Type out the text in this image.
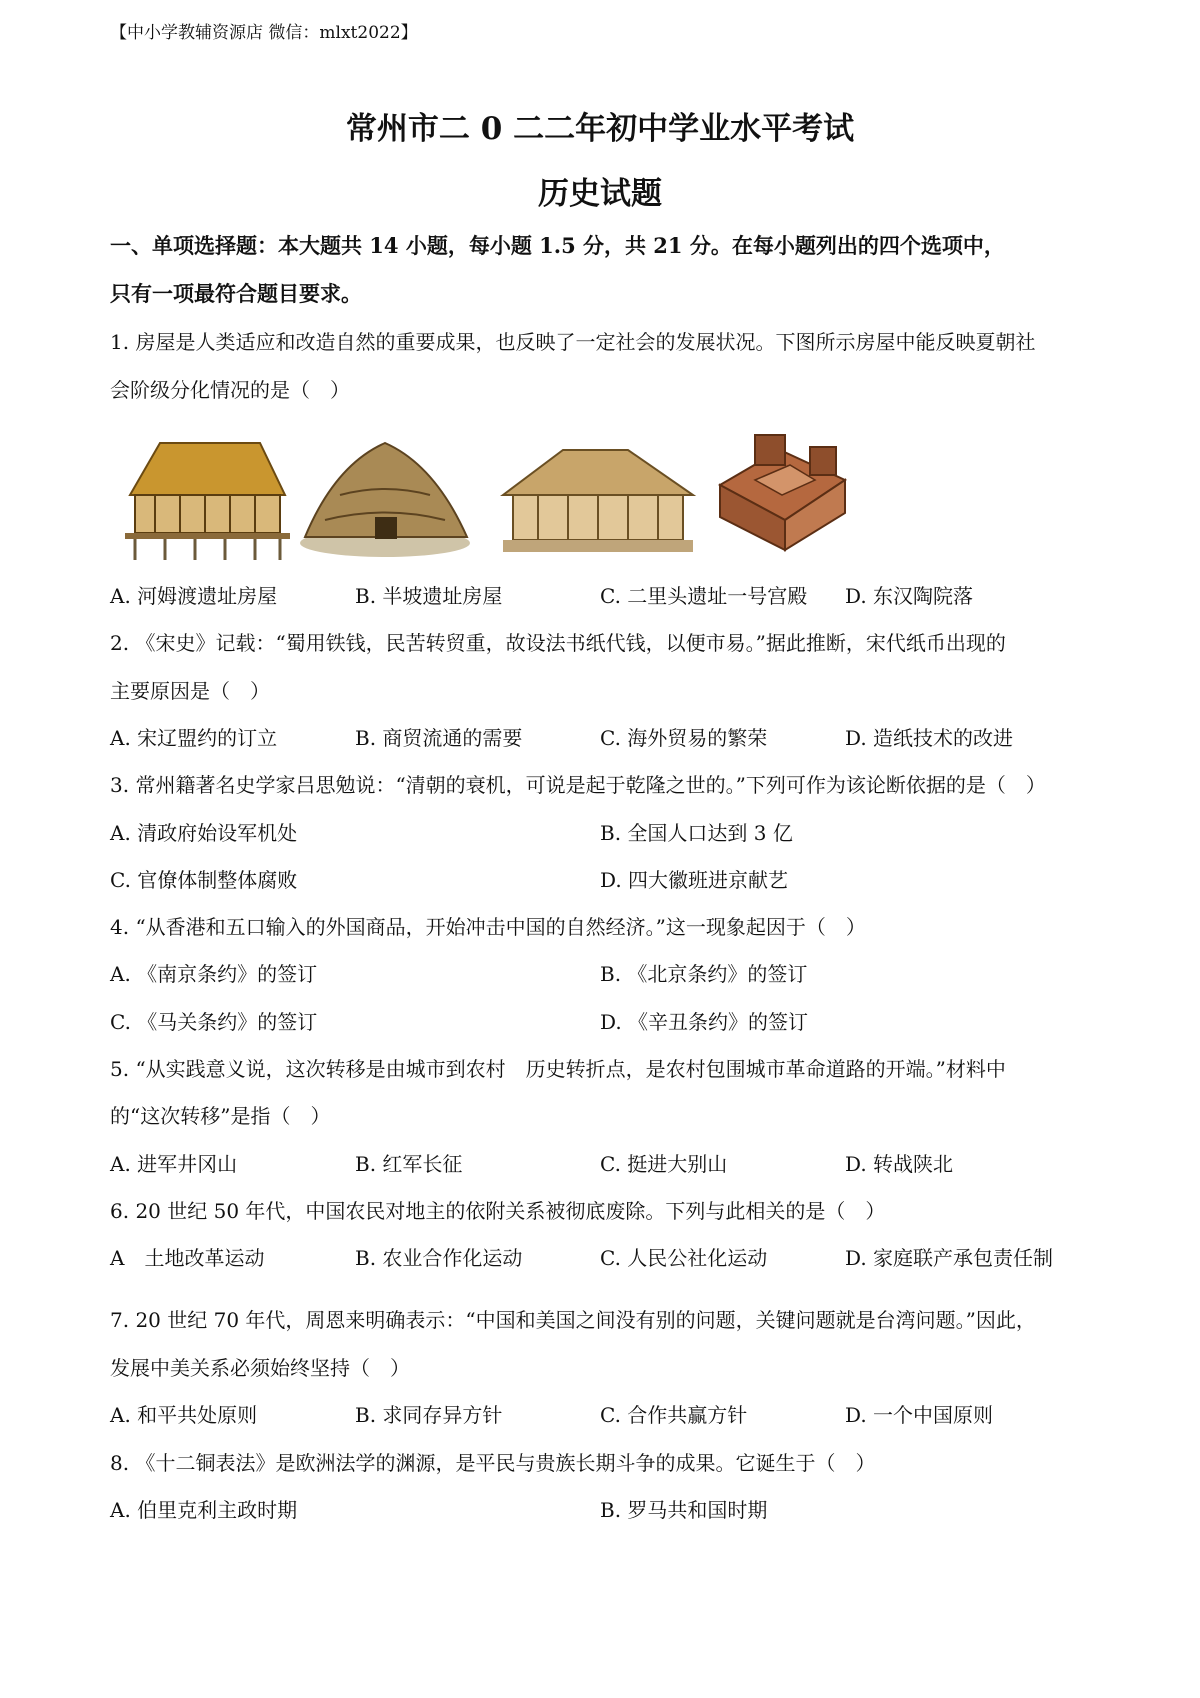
【中小学教辅资源店 微信：mlxt2022】
常州市二 0 二二年初中学业水平考试
历史试题
一、单项选择题：本大题共 14 小题，每小题 1.5 分，共 21 分。在每小题列出的四个选项中，
只有一项最符合题目要求。
1. 房屋是人类适应和改造自然的重要成果，也反映了一定社会的发展状况。下图所示房屋中能反映夏朝社
会阶级分化情况的是（　）
A. 河姆渡遗址房屋	B. 半坡遗址房屋	C. 二里头遗址一号宫殿 D. 东汉陶院落
2. 《宋史》记载：“蜀用铁钱，民苦转贸重，故设法书纸代钱，以便市易。”据此推断，宋代纸币出现的
主要原因是（　）
A. 宋辽盟约的订立	B. 商贸流通的需要	C. 海外贸易的繁荣	D. 造纸技术的改进
3. 常州籍著名史学家吕思勉说：“清朝的衰机，可说是起于乾隆之世的。”下列可作为该论断依据的是（　）
A. 清政府始设军机处	B. 全国人口达到 3 亿
C. 官僚体制整体腐败	D. 四大徽班进京献艺
4. “从香港和五口输入的外国商品，开始冲击中国的自然经济。”这一现象起因于（　）
A. 《南京条约》的签订	B. 《北京条约》的签订
C. 《马关条约》的签订	D. 《辛丑条约》的签订
5. “从实践意义说，这次转移是由城市到农村　历史转折点，是农村包围城市革命道路的开端。”材料中
的“这次转移”是指（　）
A. 进军井冈山	B. 红军长征	C. 挺进大别山	D. 转战陕北
6. 20 世纪 50 年代，中国农民对地主的依附关系被彻底废除。下列与此相关的是（　）
A　土地改革运动	B. 农业合作化运动	C. 人民公社化运动	D. 家庭联产承包责任制
7. 20 世纪 70 年代，周恩来明确表示：“中国和美国之间没有别的问题，关键问题就是台湾问题。”因此，
发展中美关系必须始终坚持（　）
A. 和平共处原则	B. 求同存异方针	C. 合作共赢方针	D. 一个中国原则
8. 《十二铜表法》是欧洲法学的渊源，是平民与贵族长期斗争的成果。它诞生于（　）
A. 伯里克利主政时期	B. 罗马共和国时期
